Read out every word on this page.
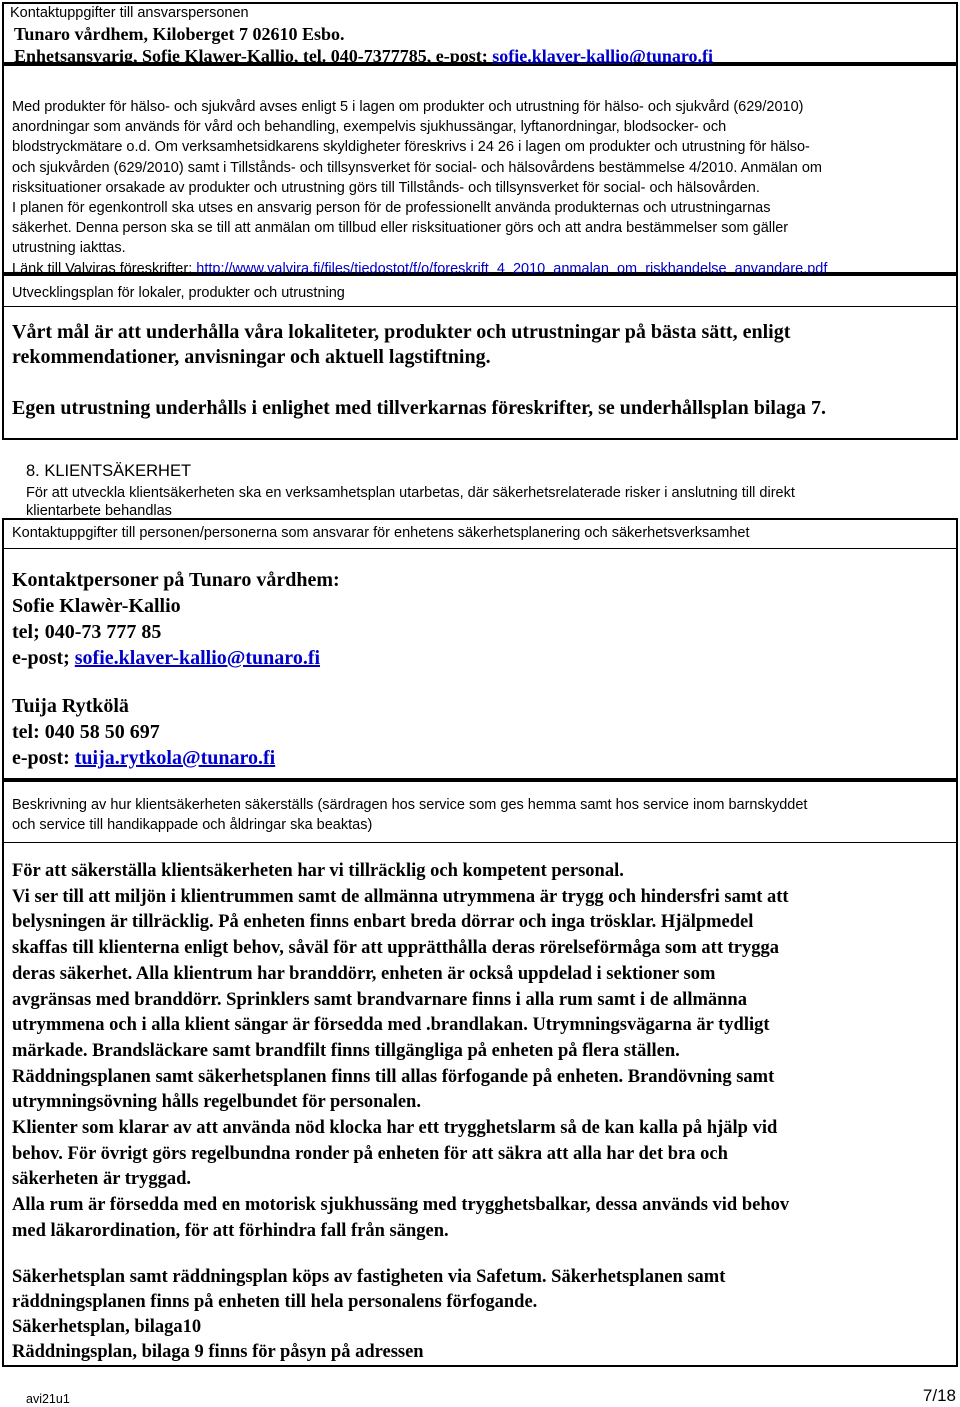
Kontaktuppgifter till ansvarspersonen
Tunaro vårdhem, Kiloberget 7 02610 Esbo.
Enhetsansvarig, Sofie Klawer-Kallio, tel. 040-7377785, e-post; sofie.klaver-kallio@tunaro.fi
Med produkter för hälso- och sjukvård avses enligt 5 i lagen om produkter och utrustning för hälso- och sjukvård (629/2010)
anordningar som används för vård och behandling, exempelvis sjukhussängar, lyftanordningar, blodsocker- och
blodstryckmätare o.d. Om verksamhetsidkarens skyldigheter föreskrivs i 24 26 i lagen om produkter och utrustning för hälso-
och sjukvården (629/2010) samt i Tillstånds- och tillsynsverket för social- och hälsovårdens bestämmelse 4/2010. Anmälan om
risksituationer orsakade av produkter och utrustning görs till Tillstånds- och tillsynsverket för social- och hälsovården.
I planen för egenkontroll ska utses en ansvarig person för de professionellt använda produkternas och utrustningarnas
säkerhet. Denna person ska se till att anmälan om tillbud eller risksituationer görs och att andra bestämmelser som gäller
utrustning iakttas.
Länk till Valviras föreskrifter: http://www.valvira.fi/files/tiedostot/f/o/foreskrift_4_2010_anmalan_om_riskhandelse_anvandare.pdf
Utvecklingsplan för lokaler, produkter och utrustning
Vårt mål är att underhålla våra lokaliteter, produkter och utrustningar på bästa sätt, enligt
rekommendationer, anvisningar och aktuell lagstiftning.
Egen utrustning underhålls i enlighet med tillverkarnas föreskrifter, se underhållsplan bilaga 7.
8. KLIENTSÄKERHET
För att utveckla klientsäkerheten ska en verksamhetsplan utarbetas, där säkerhetsrelaterade risker i anslutning till direkt
klientarbete behandlas
Kontaktuppgifter till personen/personerna som ansvarar för enhetens säkerhetsplanering och säkerhetsverksamhet
Kontaktpersoner på Tunaro vårdhem:
Sofie Klawèr-Kallio
tel; 040-73 777 85
e-post; sofie.klaver-kallio@tunaro.fi
Tuija Rytkölä
tel: 040 58 50 697
e-post: tuija.rytkola@tunaro.fi
Beskrivning av hur klientsäkerheten säkerställs (särdragen hos service som ges hemma samt hos service inom barnskyddet
och service till handikappade och åldringar ska beaktas)
För att säkerställa klientsäkerheten har vi tillräcklig och kompetent personal.
Vi ser till att miljön i klientrummen samt de allmänna utrymmena är trygg och hindersfri samt att
belysningen är tillräcklig. På enheten finns enbart breda dörrar och inga trösklar. Hjälpmedel
skaffas till klienterna enligt behov, såväl för att upprätthålla deras rörelseförmåga som att trygga
deras säkerhet. Alla klientrum har branddörr, enheten är också uppdelad i sektioner som
avgränsas med branddörr. Sprinklers samt brandvarnare finns i alla rum samt i de allmänna
utrymmena och i alla klient sängar är försedda med .brandlakan. Utrymningsvägarna är tydligt
märkade. Brandsläckare samt brandfilt finns tillgängliga på enheten på flera ställen.
Räddningsplanen samt säkerhetsplanen finns till allas förfogande på enheten. Brandövning samt
utrymningsövning hålls regelbundet för personalen.
Klienter som klarar av att använda nöd klocka har ett trygghetslarm så de kan kalla på hjälp vid
behov. För övrigt görs regelbundna ronder på enheten för att säkra att alla har det bra och
säkerheten är tryggad.
Alla rum är försedda med en motorisk sjukhussäng med trygghetsbalkar, dessa används vid behov
med läkarordination, för att förhindra fall från sängen.
Säkerhetsplan samt räddningsplan köps av fastigheten via Safetum. Säkerhetsplanen samt
räddningsplanen finns på enheten till hela personalens förfogande.
Säkerhetsplan, bilaga10
Räddningsplan, bilaga 9 finns för påsyn på adressen
avi21u1	7/18
